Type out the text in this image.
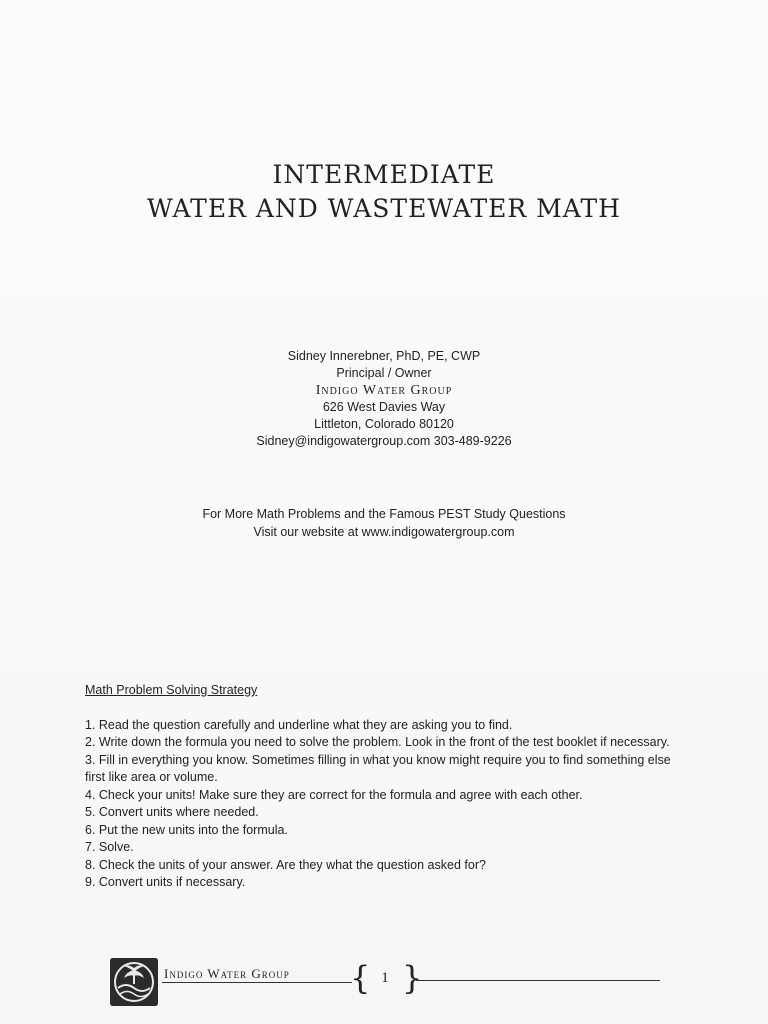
INTERMEDIATE
WATER AND WASTEWATER MATH
Sidney Innerebner, PhD, PE, CWP
Principal / Owner
Indigo Water Group
626 West Davies Way
Littleton, Colorado 80120
Sidney@indigowatergroup.com 303-489-9226
For More Math Problems and the Famous PEST Study Questions
Visit our website at www.indigowatergroup.com
Math Problem Solving Strategy
1. Read the question carefully and underline what they are asking you to find.
2. Write down the formula you need to solve the problem. Look in the front of the test booklet if necessary.
3. Fill in everything you know. Sometimes filling in what you know might require you to find something else first like area or volume.
4. Check your units! Make sure they are correct for the formula and agree with each other.
5. Convert units where needed.
6. Put the new units into the formula.
7. Solve.
8. Check the units of your answer. Are they what the question asked for?
9. Convert units if necessary.
Indigo Water Group { 1 }
